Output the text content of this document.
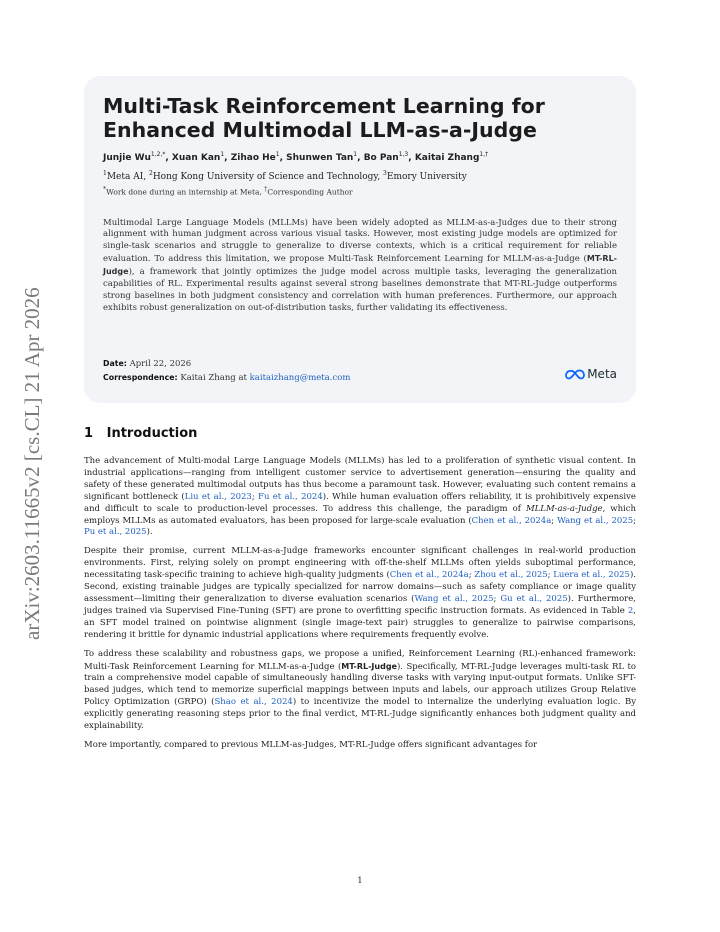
arXiv:2603.11665v2 [cs.CL] 21 Apr 2026
Multi-Task Reinforcement Learning for Enhanced Multimodal LLM-as-a-Judge
Junjie $Wu^{1,2,*}$, Xuan Kan$^1$, Zihao He$^1$, Shunwen Tan$^1$, Bo Pan$^{1,3}$, Kaitai Zhang$^{1,\dagger}$
$^1$Meta AI, $^2$Hong Kong University of Science and Technology, $^3$Emory University
*Work done during an internship at Meta, †Corresponding Author
Multimodal Large Language Models (MLLMs) have been widely adopted as MLLM-as-a-Judges due to their strong alignment with human judgment across various visual tasks. However, most existing judge models are optimized for single-task scenarios and struggle to generalize to diverse contexts, which is a critical requirement for reliable evaluation. To address this limitation, we propose Multi-Task Reinforcement Learning for MLLM-as-a-Judge (MT-RL-Judge), a framework that jointly optimizes the judge model across multiple tasks, leveraging the generalization capabilities of RL. Experimental results against several strong baselines demonstrate that MT-RL-Judge outperforms strong baselines in both judgment consistency and correlation with human preferences. Furthermore, our approach exhibits robust generalization on out-of-distribution tasks, further validating its effectiveness.
Date: April 22, 2026
Correspondence: Kaitai Zhang at kaitaizhang@meta.com	Meta
1 Introduction

The advancement of Multi-modal Large Language Models (MLLMs) has led to a proliferation of synthetic visual content. In industrial applications—ranging from intelligent customer service to advertisement generation—ensuring the quality and safety of these generated multimodal outputs has thus become a paramount task. However, evaluating such content remains a significant bottleneck (Liu et al., 2023; Fu et al., 2024). While human evaluation offers reliability, it is prohibitively expensive and difficult to scale to production-level processes. To address this challenge, the paradigm of MLLM-as-a-Judge, which employs MLLMs as automated evaluators, has been proposed for large-scale evaluation (Chen et al., 2024a; Wang et al., 2025; Pu et al., 2025).

Despite their promise, current MLLM-as-a-Judge frameworks encounter significant challenges in real-world production environments. First, relying solely on prompt engineering with off-the-shelf MLLMs often yields suboptimal performance, necessitating task-specific training to achieve high-quality judgments (Chen et al., 2024a; Zhou et al., 2025; Luera et al., 2025). Second, existing trainable judges are typically specialized for narrow domains—such as safety compliance or image quality assessment—limiting their generalization to diverse evaluation scenarios (Wang et al., 2025; Gu et al., 2025). Furthermore, judges trained via Supervised Fine-Tuning (SFT) are prone to overfitting specific instruction formats. As evidenced in Table 2, an SFT model trained on pointwise alignment (single image-text pair) struggles to generalize to pairwise comparisons, rendering it brittle for dynamic industrial applications where requirements frequently evolve.

To address these scalability and robustness gaps, we propose a unified, Reinforcement Learning (RL)-enhanced framework: Multi-Task Reinforcement Learning for MLLM-as-a-Judge (MT-RL-Judge). Specifically, MT-RL-Judge leverages multi-task RL to train a comprehensive model capable of simultaneously handling diverse tasks with varying input-output formats. Unlike SFT-based judges, which tend to memorize superficial mappings between inputs and labels, our approach utilizes Group Relative Policy Optimization (GRPO) (Shao et al., 2024) to incentivize the model to internalize the underlying evaluation logic. By explicitly generating reasoning steps prior to the final verdict, MT-RL-Judge significantly enhances both judgment quality and explainability.

More importantly, compared to previous MLLM-as-Judges, MT-RL-Judge offers significant advantages for

1
